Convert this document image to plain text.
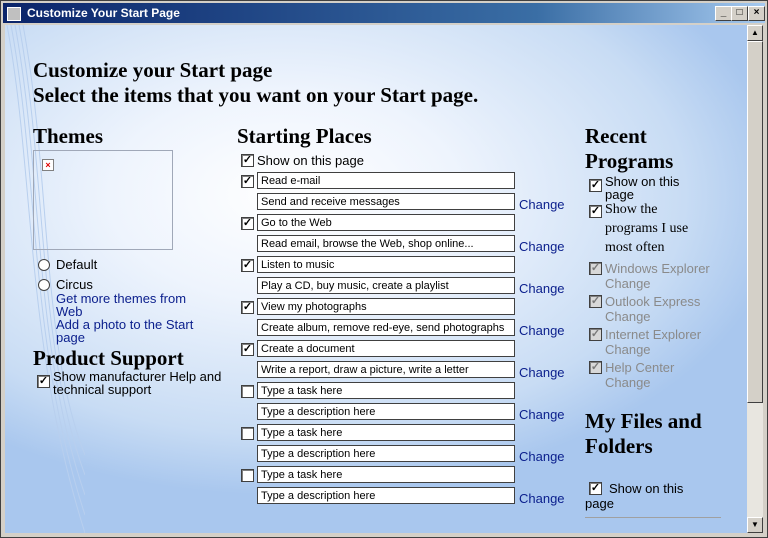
Customize Your Start Page	_	□	×
Customize your Start page
Select the items that you want on your Start page.
Themes
×
Default
Circus
Get more themes from Web
Add a photo to the Start page
Product Support
✓ Show manufacturer Help and technical support
Starting Places
✓ Show on this page
✓ Read e-mail
Send and receive messages	Change
✓ Go to the Web
Read email, browse the Web, shop online...	Change
✓ Listen to music
Play a CD, buy music, create a playlist	Change
✓ View my photographs
Create album, remove red-eye, send photographs	Change
✓ Create a document
Write a report, draw a picture, write a letter	Change
Type a task here
Type a description here	Change
Type a task here
Type a description here	Change
Type a task here
Type a description here	Change
Recent
Programs
✓ Show on this
page
✓ Show the
programs I use
most often
✓ Windows Explorer
Change
✓ Outlook Express
Change
✓ Internet Explorer
Change
✓ Help Center
Change
My Files and
Folders
✓ Show on this
page
▲
▼
